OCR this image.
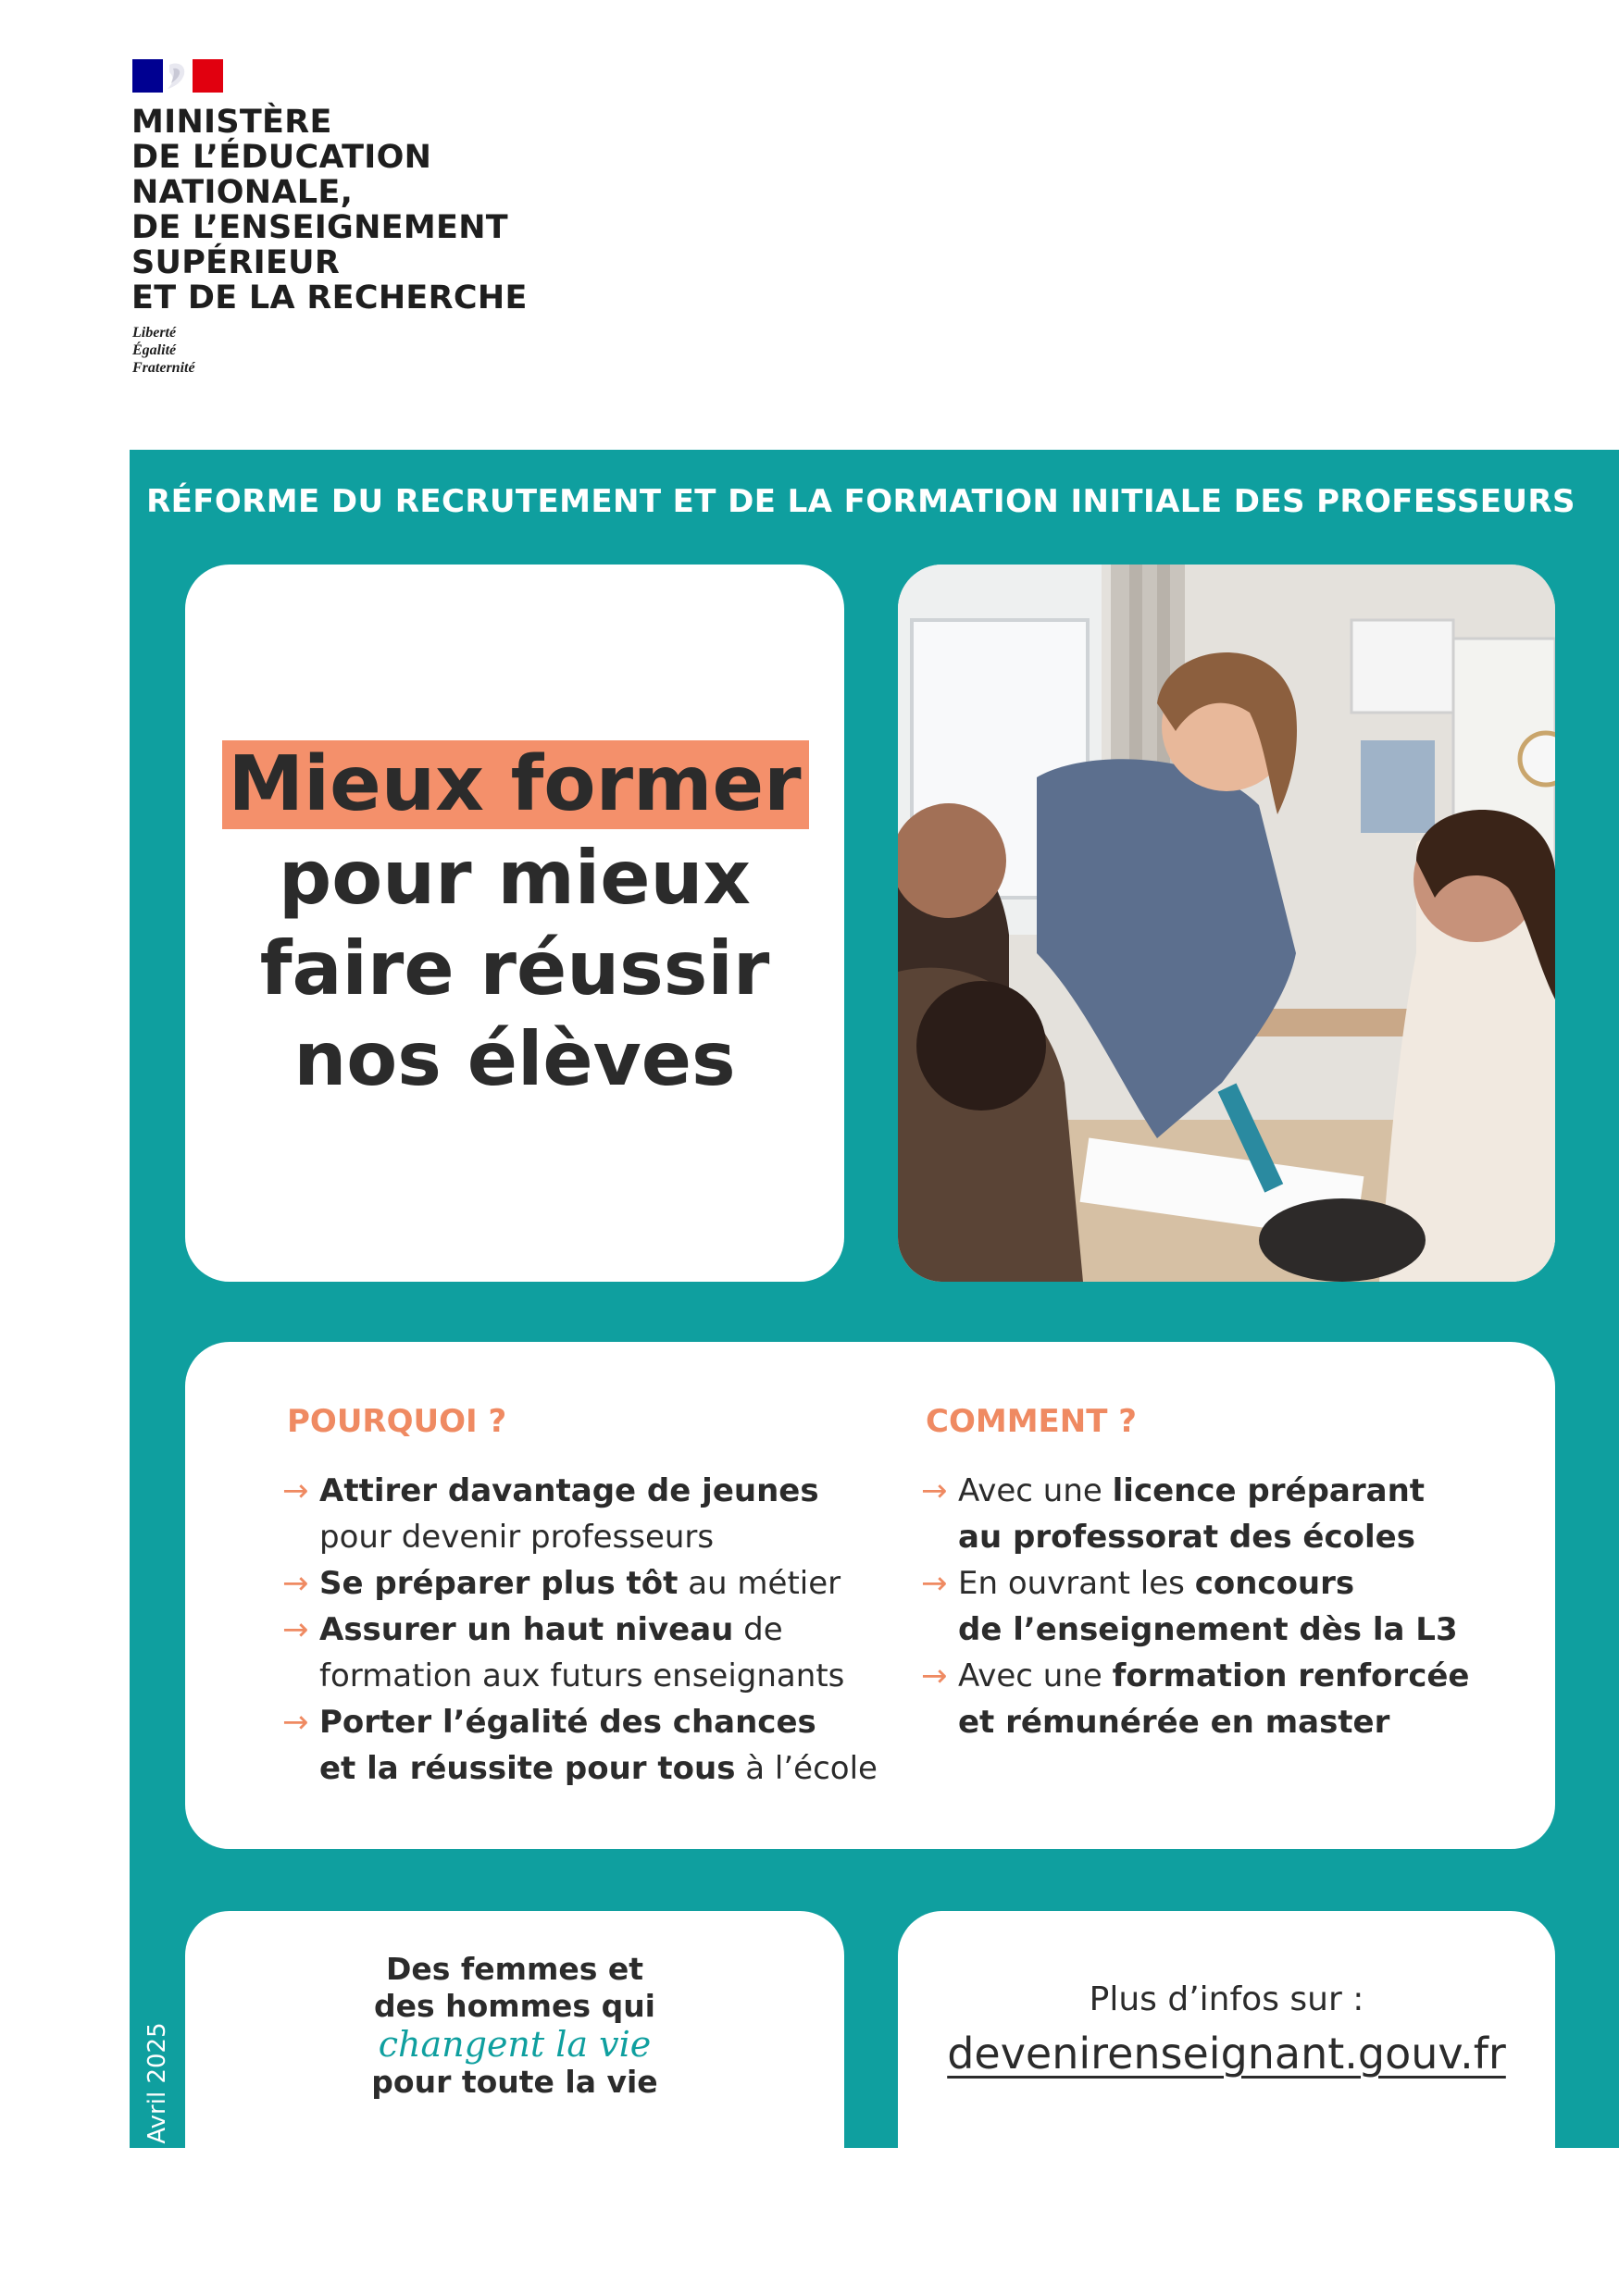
MINISTÈRE
DE L’ÉDUCATION
NATIONALE,
DE L’ENSEIGNEMENT
SUPÉRIEUR
ET DE LA RECHERCHE
Liberté
Égalité
Fraternité
RÉFORME DU RECRUTEMENT ET DE LA FORMATION INITIALE DES PROFESSEURS
Mieux former
pour mieux
faire réussir
nos élèves
POURQUOI ?
→ Attirer davantage de jeunes
pour devenir professeurs
→ Se préparer plus tôt au métier
→ Assurer un haut niveau de
formation aux futurs enseignants
→ Porter l’égalité des chances
et la réussite pour tous à l’école
COMMENT ?
→ Avec une licence préparant
au professorat des écoles
→ En ouvrant les concours
de l’enseignement dès la L3
→ Avec une formation renforcée
et rémunérée en master
Des femmes et
des hommes qui
changent la vie
pour toute la vie
Avril 2025
Plus d’infos sur :
devenirenseignant.gouv.fr
